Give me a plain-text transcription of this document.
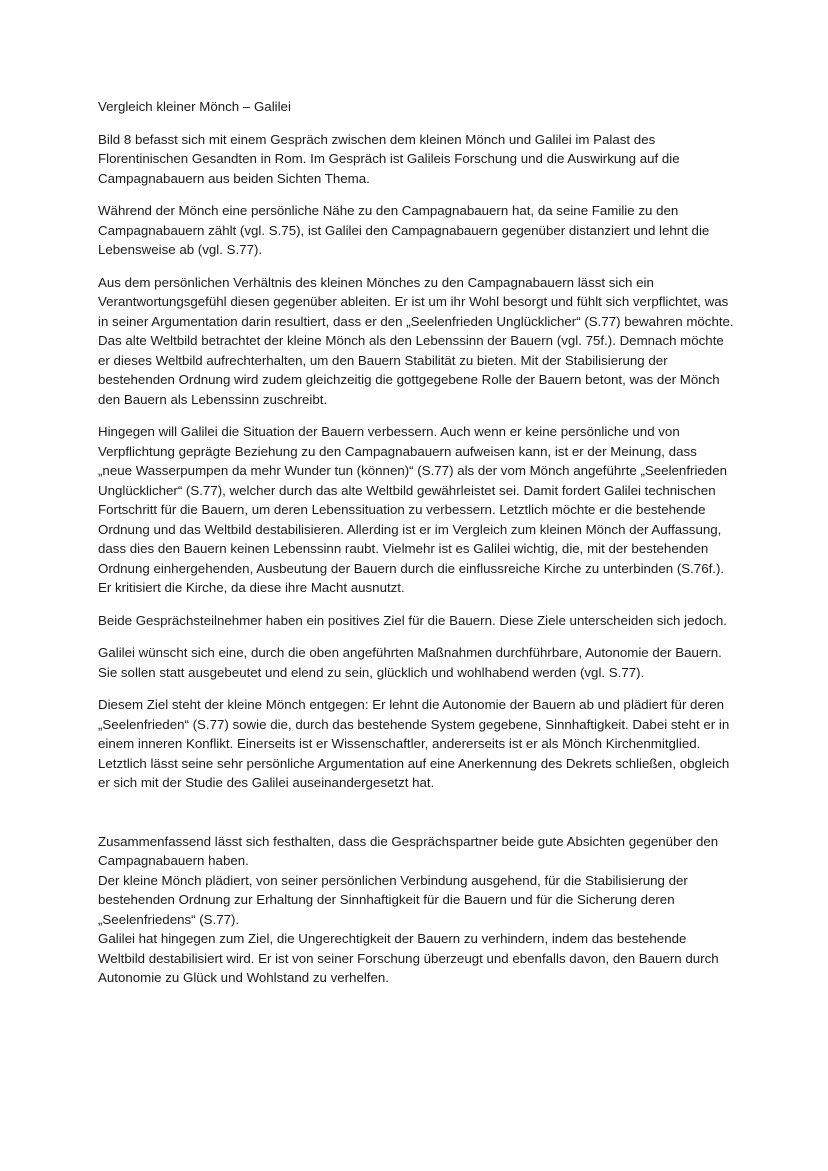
Vergleich kleiner Mönch – Galilei

Bild 8 befasst sich mit einem Gespräch zwischen dem kleinen Mönch und Galilei im Palast des Florentinischen Gesandten in Rom. Im Gespräch ist Galileis Forschung und die Auswirkung auf die Campagnabauern aus beiden Sichten Thema.

Während der Mönch eine persönliche Nähe zu den Campagnabauern hat, da seine Familie zu den Campagnabauern zählt (vgl. S.75), ist Galilei den Campagnabauern gegenüber distanziert und lehnt die Lebensweise ab (vgl. S.77).

Aus dem persönlichen Verhältnis des kleinen Mönches zu den Campagnabauern lässt sich ein Verantwortungsgefühl diesen gegenüber ableiten. Er ist um ihr Wohl besorgt und fühlt sich verpflichtet, was in seiner Argumentation darin resultiert, dass er den „Seelenfrieden Unglücklicher“ (S.77) bewahren möchte. Das alte Weltbild betrachtet der kleine Mönch als den Lebenssinn der Bauern (vgl. 75f.). Demnach möchte er dieses Weltbild aufrechterhalten, um den Bauern Stabilität zu bieten. Mit der Stabilisierung der bestehenden Ordnung wird zudem gleichzeitig die gottgegebene Rolle der Bauern betont, was der Mönch den Bauern als Lebenssinn zuschreibt.

Hingegen will Galilei die Situation der Bauern verbessern. Auch wenn er keine persönliche und von Verpflichtung geprägte Beziehung zu den Campagnabauern aufweisen kann, ist er der Meinung, dass „neue Wasserpumpen da mehr Wunder tun (können)“ (S.77) als der vom Mönch angeführte „Seelenfrieden Unglücklicher“ (S.77), welcher durch das alte Weltbild gewährleistet sei. Damit fordert Galilei technischen Fortschritt für die Bauern, um deren Lebenssituation zu verbessern. Letztlich möchte er die bestehende Ordnung und das Weltbild destabilisieren. Allerding ist er im Vergleich zum kleinen Mönch der Auffassung, dass dies den Bauern keinen Lebenssinn raubt. Vielmehr ist es Galilei wichtig, die, mit der bestehenden Ordnung einhergehenden, Ausbeutung der Bauern durch die einflussreiche Kirche zu unterbinden (S.76f.). Er kritisiert die Kirche, da diese ihre Macht ausnutzt.

Beide Gesprächsteilnehmer haben ein positives Ziel für die Bauern. Diese Ziele unterscheiden sich jedoch.

Galilei wünscht sich eine, durch die oben angeführten Maßnahmen durchführbare, Autonomie der Bauern. Sie sollen statt ausgebeutet und elend zu sein, glücklich und wohlhabend werden (vgl. S.77).

Diesem Ziel steht der kleine Mönch entgegen: Er lehnt die Autonomie der Bauern ab und plädiert für deren „Seelenfrieden“ (S.77) sowie die, durch das bestehende System gegebene, Sinnhaftigkeit. Dabei steht er in einem inneren Konflikt. Einerseits ist er Wissenschaftler, andererseits ist er als Mönch Kirchenmitglied. Letztlich lässt seine sehr persönliche Argumentation auf eine Anerkennung des Dekrets schließen, obgleich er sich mit der Studie des Galilei auseinandergesetzt hat.

Zusammenfassend lässt sich festhalten, dass die Gesprächspartner beide gute Absichten gegenüber den Campagnabauern haben.

Der kleine Mönch plädiert, von seiner persönlichen Verbindung ausgehend, für die Stabilisierung der bestehenden Ordnung zur Erhaltung der Sinnhaftigkeit für die Bauern und für die Sicherung deren „Seelenfriedens“ (S.77).

Galilei hat hingegen zum Ziel, die Ungerechtigkeit der Bauern zu verhindern, indem das bestehende Weltbild destabilisiert wird. Er ist von seiner Forschung überzeugt und ebenfalls davon, den Bauern durch Autonomie zu Glück und Wohlstand zu verhelfen.
